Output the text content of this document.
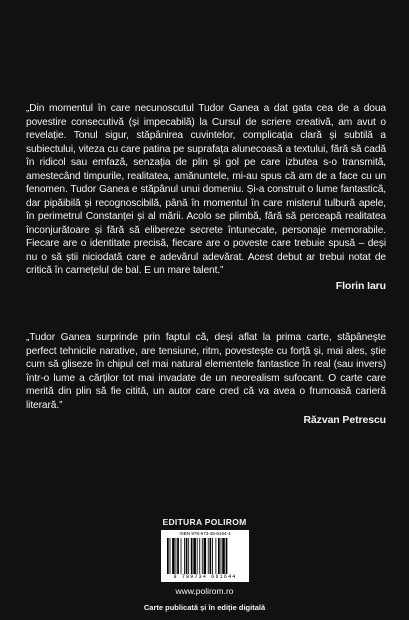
„Din momentul în care necunoscutul Tudor Ganea a dat gata cea de a doua povestire consecutivă (și impecabilă) la Cursul de scriere creativă, am avut o revelație. Tonul sigur, stăpânirea cuvintelor, complicația clară și subtilă a subiectului, viteza cu care patina pe suprafața alunecoasă a textului, fără să cadă în ridicol sau emfază, senzația de plin și gol pe care izbutea s-o transmită, amestecând timpurile, realitatea, amănuntele, mi-au spus că am de a face cu un fenomen. Tudor Ganea e stăpânul unui domeniu. Și-a construit o lume fantastică, dar pipăibilă și recognoscibilă, până în momentul în care misterul tulbură apele, în perimetrul Constanței și al mării. Acolo se plimbă, fără să perceapă realitatea înconjurătoare și fără să elibereze secrete întunecate, personaje memorabile. Fiecare are o identitate precisă, fiecare are o poveste care trebuie spusă – deși nu o să știi niciodată care e adevărul adevărat. Acest debut ar trebui notat de critică în carnețelul de bal. E un mare talent.”
Florin Iaru
„Tudor Ganea surprinde prin faptul că, deși aflat la prima carte, stăpânește perfect tehnicile narative, are tensiune, ritm, povestește cu forță și, mai ales, știe cum să glisezе în chipul cel mai natural elementele fantastice în real (sau invers) într-o lume a cărților tot mai invadate de un neorealism sufocant. O carte care merită din plin să fie citită, un autor care cred că va avea o frumoasă carieră literară.”
Răzvan Petrescu
EDITURA POLIROM
ISBN 978-973-46-6164-4
9 789734 661644
www.polirom.ro
Carte publicată și în ediție digitală
